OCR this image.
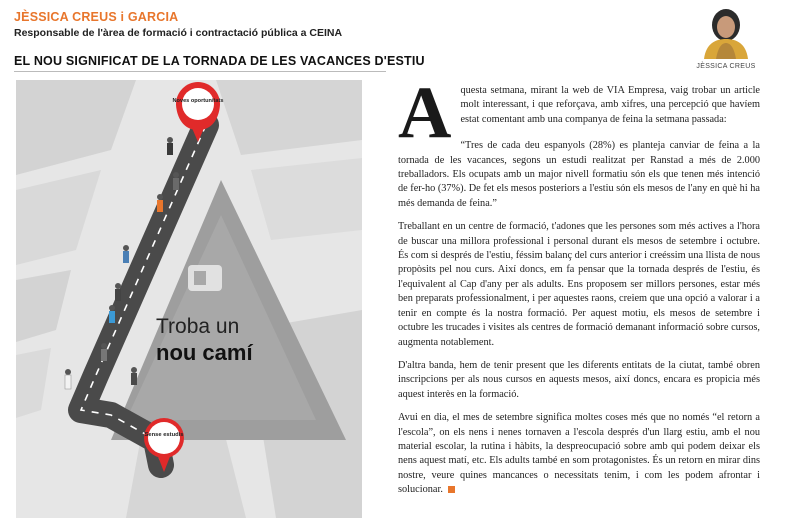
JÈSSICA CREUS i GARCIA
Responsable de l'àrea de formació i contractació pública a CEINA
EL NOU SIGNIFICAT DE LA TORNADA DE LES VACANCES D'ESTIU
Noves oportunitats
Sense estudis
Troba un
nou camí
JÈSSICA CREUS

Aquesta setmana, mirant la web de VIA Empresa, vaig trobar un article molt interessant, i que reforçava, amb xifres, una percepció que havíem estat comentant amb una companya de feina la setmana passada:

“Tres de cada deu espanyols (28%) es planteja canviar de feina a la tornada de les vacances, segons un estudi realitzat per Ranstad a més de 2.000 treballadors. Els ocupats amb un major nivell formatiu són els que tenen més intenció de fer-ho (37%). De fet els mesos posteriors a l'estiu són els mesos de l'any en què hi ha més demanda de feina.”

Treballant en un centre de formació, t'adones que les persones som més actives a l'hora de buscar una millora professional i personal durant els mesos de setembre i octubre. És com si després de l'estiu, féssim balanç del curs anterior i creéssim una llista de nous propòsits pel nou curs. Així doncs, em fa pensar que la tornada després de l'estiu, és l'equivalent al Cap d'any per als adults. Ens proposem ser millors persones, estar més ben preparats professionalment, i per aquestes raons, creiem que una opció a valorar i a tenir en compte és la nostra formació. Per aquest motiu, els mesos de setembre i octubre les trucades i visites als centres de formació demanant informació sobre cursos, augmenta notablement.

D'altra banda, hem de tenir present que les diferents entitats de la ciutat, també obren inscripcions per als nous cursos en aquests mesos, així doncs, encara es propicia més aquest interès en la formació.

Avui en dia, el mes de setembre significa moltes coses més que no només “el retorn a l'escola”, on els nens i nenes tornaven a l'escola després d'un llarg estiu, amb el nou material escolar, la rutina i hàbits, la despreocupació sobre amb qui podem deixar els nens aquest matí, etc. Els adults també en som protagonistes. És un retorn en mirar dins nostre, veure quines mancances o necessitats tenim, i com les podem afrontar i solucionar.
